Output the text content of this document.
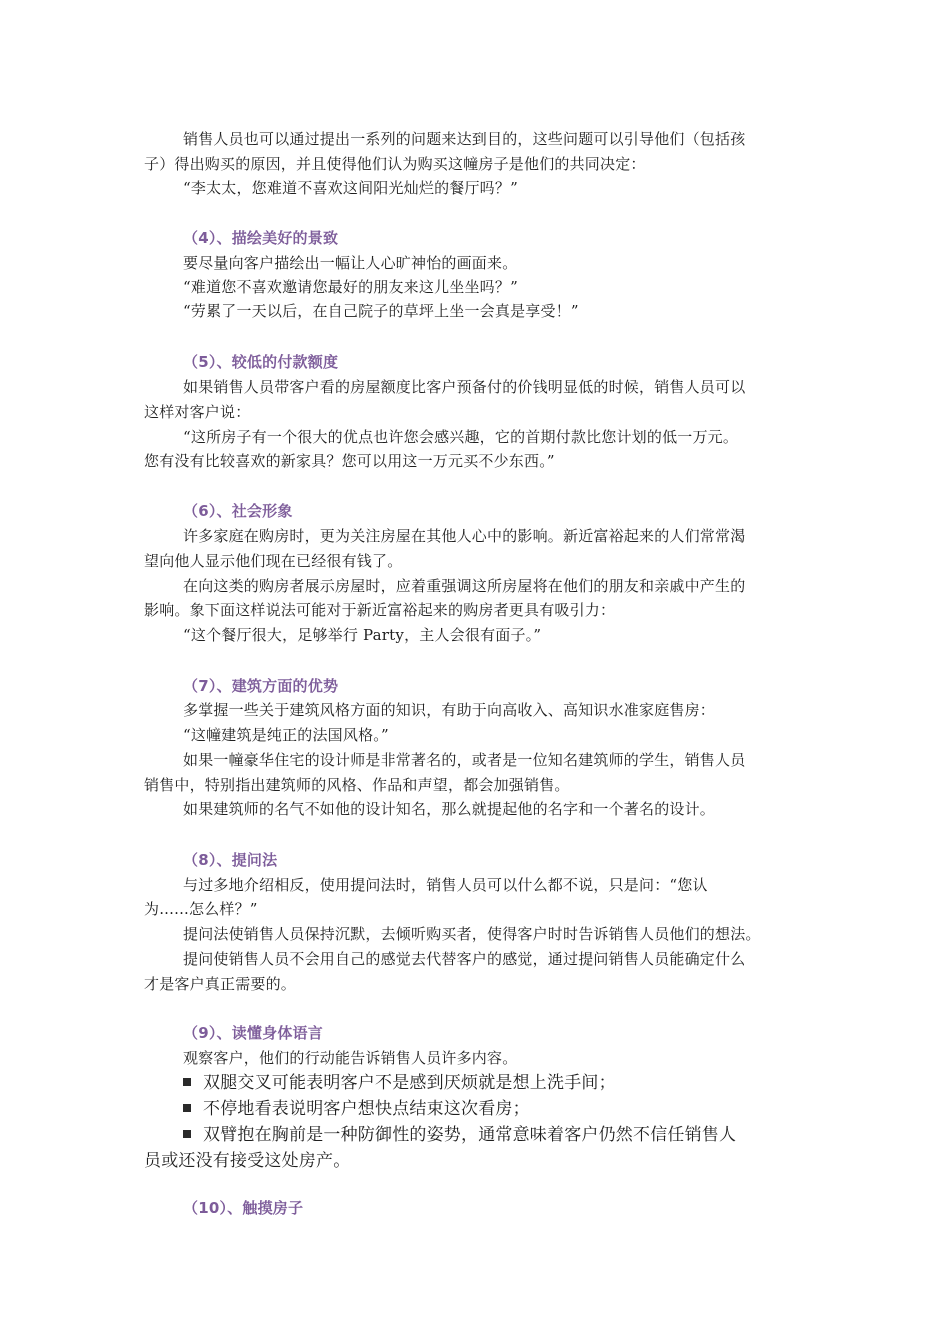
销售人员也可以通过提出一系列的问题来达到目的，这些问题可以引导他们（包括孩
子）得出购买的原因，并且使得他们认为购买这幢房子是他们的共同决定：
“李太太，您难道不喜欢这间阳光灿烂的餐厅吗？”
（4）、描绘美好的景致
要尽量向客户描绘出一幅让人心旷神怡的画面来。
“难道您不喜欢邀请您最好的朋友来这儿坐坐吗？”
“劳累了一天以后，在自己院子的草坪上坐一会真是享受！”
（5）、较低的付款额度
如果销售人员带客户看的房屋额度比客户预备付的价钱明显低的时候，销售人员可以
这样对客户说：
“这所房子有一个很大的优点也许您会感兴趣，它的首期付款比您计划的低一万元。
您有没有比较喜欢的新家具？您可以用这一万元买不少东西。”
（6）、社会形象
许多家庭在购房时，更为关注房屋在其他人心中的影响。新近富裕起来的人们常常渴
望向他人显示他们现在已经很有钱了。
在向这类的购房者展示房屋时，应着重强调这所房屋将在他们的朋友和亲戚中产生的
影响。象下面这样说法可能对于新近富裕起来的购房者更具有吸引力：
“这个餐厅很大，足够举行 Party，主人会很有面子。”
（7）、建筑方面的优势
多掌握一些关于建筑风格方面的知识，有助于向高收入、高知识水准家庭售房：
“这幢建筑是纯正的法国风格。”
如果一幢豪华住宅的设计师是非常著名的，或者是一位知名建筑师的学生，销售人员
销售中，特别指出建筑师的风格、作品和声望，都会加强销售。
如果建筑师的名气不如他的设计知名，那么就提起他的名字和一个著名的设计。
（8）、提问法
与过多地介绍相反，使用提问法时，销售人员可以什么都不说，只是问：“您认
为......怎么样？”
提问法使销售人员保持沉默，去倾听购买者，使得客户时时告诉销售人员他们的想法。
提问使销售人员不会用自己的感觉去代替客户的感觉，通过提问销售人员能确定什么
才是客户真正需要的。
（9）、读懂身体语言
观察客户，他们的行动能告诉销售人员许多内容。
双腿交叉可能表明客户不是感到厌烦就是想上洗手间；
不停地看表说明客户想快点结束这次看房；
双臂抱在胸前是一种防御性的姿势，通常意味着客户仍然不信任销售人
员或还没有接受这处房产。
（10）、触摸房子
